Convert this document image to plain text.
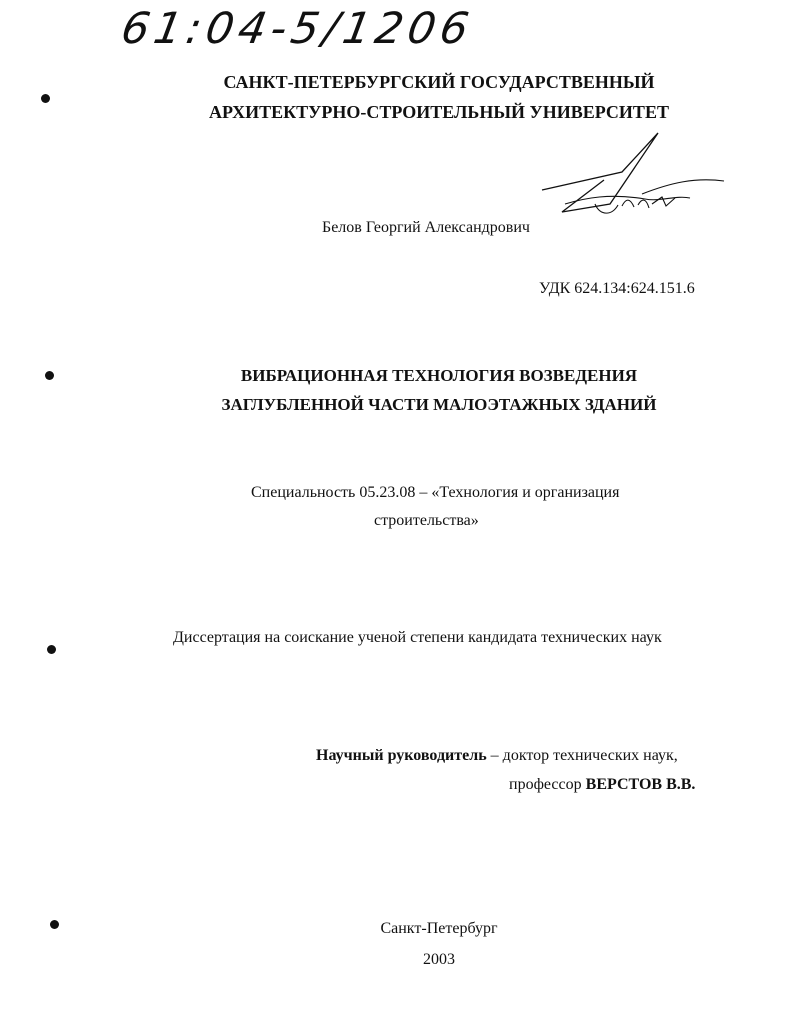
61:04-5/1206
САНКТ-ПЕТЕРБУРГСКИЙ ГОСУДАРСТВЕННЫЙ
АРХИТЕКТУРНО-СТРОИТЕЛЬНЫЙ УНИВЕРСИТЕТ
Белов Георгий Александрович
УДК 624.134:624.151.6
ВИБРАЦИОННАЯ ТЕХНОЛОГИЯ ВОЗВЕДЕНИЯ
ЗАГЛУБЛЕННОЙ ЧАСТИ МАЛОЭТАЖНЫХ ЗДАНИЙ
Специальность 05.23.08 – «Технология и организация
строительства»
Диссертация на соискание ученой степени кандидата технических наук
Научный руководитель – доктор технических наук,
профессор ВЕРСТОВ В.В.
Санкт-Петербург
2003
